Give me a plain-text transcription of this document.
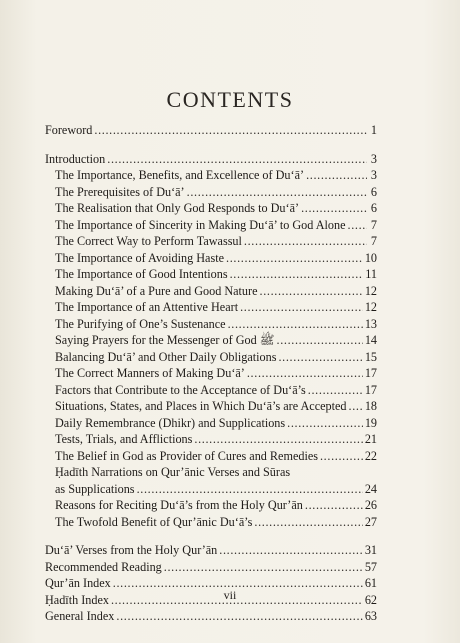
CONTENTS
Foreword . . .	1
Introduction . . .	3
The Importance, Benefits, and Excellence of Du‘ā’ . . .	3
The Prerequisites of Du‘ā’ . . .	6
The Realisation that Only God Responds to Du‘ā’ . . .	6
The Importance of Sincerity in Making Du‘ā’ to God Alone . . . 7
The Correct Way to Perform Tawassul . . .	7
The Importance of Avoiding Haste . . .	10
The Importance of Good Intentions . . .	11
Making Du‘ā’ of a Pure and Good Nature . . .	12
The Importance of an Attentive Heart . . .	12
The Purifying of One’s Sustenance . . .	13
Saying Prayers for the Messenger of God ﷺ . . .	14
Balancing Du‘ā’ and Other Daily Obligations . . .	15
The Correct Manners of Making Du‘ā’ . . .	17
Factors that Contribute to the Acceptance of Du‘ā’s . . .	17
Situations, States, and Places in Which Du‘ā’s are Accepted . . . 18
Daily Remembrance (Dhikr) and Supplications . . .	19
Tests, Trials, and Afflictions . . .	21
The Belief in God as Provider of Cures and Remedies . . .	22
Ḥadīth Narrations on Qur’ānic Verses and Sūras
as Supplications . . .	24
Reasons for Reciting Du‘ā’s from the Holy Qur’ān . . .	26
The Twofold Benefit of Qur’ānic Du‘ā’s . . .	27
Du‘ā’ Verses from the Holy Qur’ān . . .	31
Recommended Reading . . .	57
Qur’ān Index . . .	61
Ḥadīth Index . . .	62
General Index . . .	63
vii
